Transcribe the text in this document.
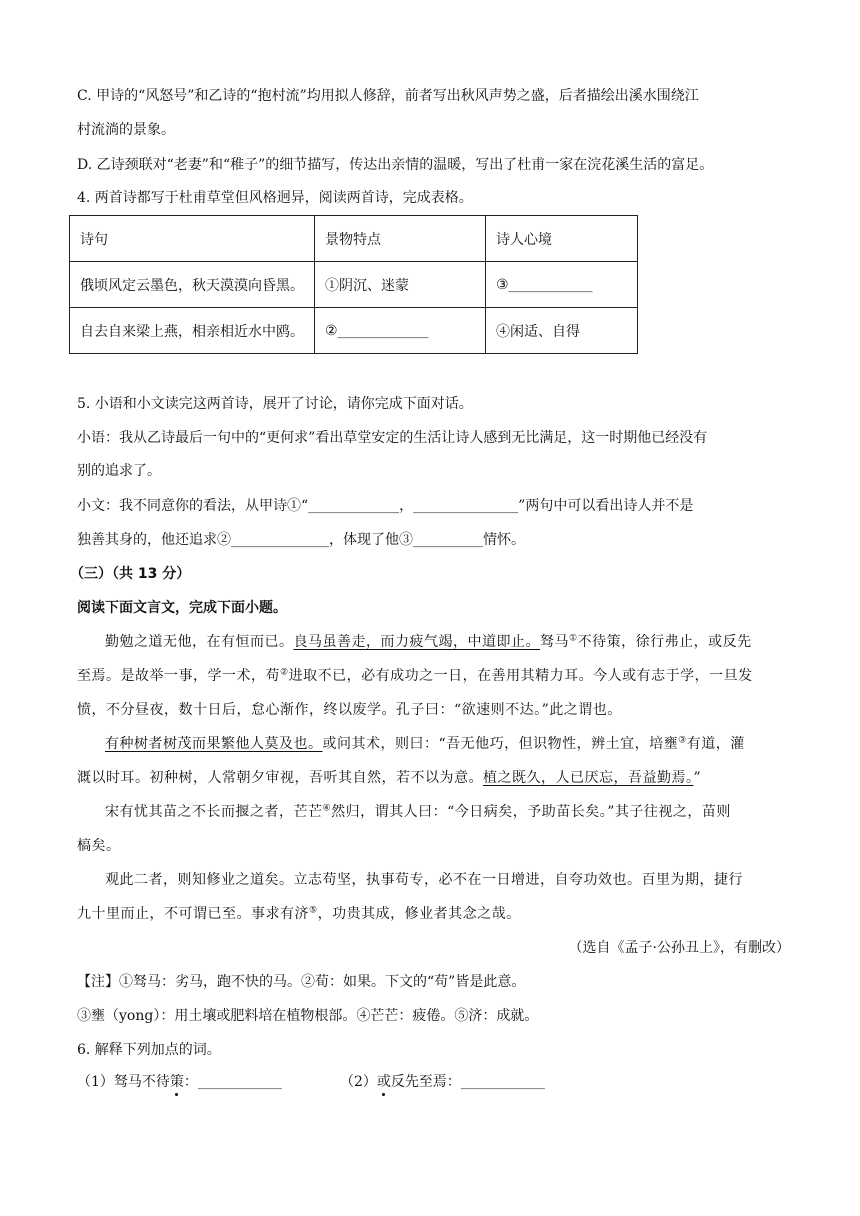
C. 甲诗的“风怒号”和乙诗的“抱村流”均用拟人修辞，前者写出秋风声势之盛，后者描绘出溪水围绕江
村流淌的景象。
D. 乙诗颈联对“老妻”和“稚子”的细节描写，传达出亲情的温暖，写出了杜甫一家在浣花溪生活的富足。
4. 两首诗都写于杜甫草堂但风格迥异，阅读两首诗，完成表格。
诗句	景物特点	诗人心境
俄顷风定云墨色，秋天漠漠向昏黑。	①阴沉、迷蒙	③____________
自去自来梁上燕，相亲相近水中鸥。	②_____________	④闲适、自得
5. 小语和小文读完这两首诗，展开了讨论，请你完成下面对话。
小语：我从乙诗最后一句中的“更何求”看出草堂安定的生活让诗人感到无比满足，这一时期他已经没有
别的追求了。
小文：我不同意你的看法，从甲诗①“_____________，_______________”两句中可以看出诗人并不是
独善其身的，他还追求②______________，体现了他③__________情怀。
（三）（共 13 分）
阅读下面文言文，完成下面小题。
勤勉之道无他，在有恒而已。良马虽善走，而力疲气竭，中道即止。驽马①不待策，徐行弗止，或反先
至焉。是故举一事，学一术，苟②进取不已，必有成功之一日，在善用其精力耳。今人或有志于学，一旦发
愤，不分昼夜，数十日后，怠心渐作，终以废学。孔子曰：“欲速则不达。”此之谓也。
有种树者树茂而果繁他人莫及也。或问其术，则曰：“吾无他巧，但识物性，辨土宜，培壅③有道，灌
溉以时耳。初种树，人常朝夕审视，吾听其自然，若不以为意。植之既久，人已厌忘，吾益勤焉。”
宋有忧其苗之不长而揠之者，芒芒④然归，谓其人曰：“今日病矣，予助苗长矣。”其子往视之，苗则
槁矣。
观此二者，则知修业之道矣。立志苟坚，执事苟专，必不在一日增进，自夸功效也。百里为期，捷行
九十里而止，不可谓已至。事求有济⑤，功贵其成，修业者其念之哉。
（选自《孟子·公孙丑上》，有删改）
【注】①驽马：劣马，跑不快的马。②荀：如果。下文的“苟”皆是此意。
③壅（yong）：用土壤或肥料培在植物根部。④芒芒：疲倦。⑤济：成就。
6. 解释下列加点的词。
（1）驽马不待策：____________	（2）或反先至焉：____________
